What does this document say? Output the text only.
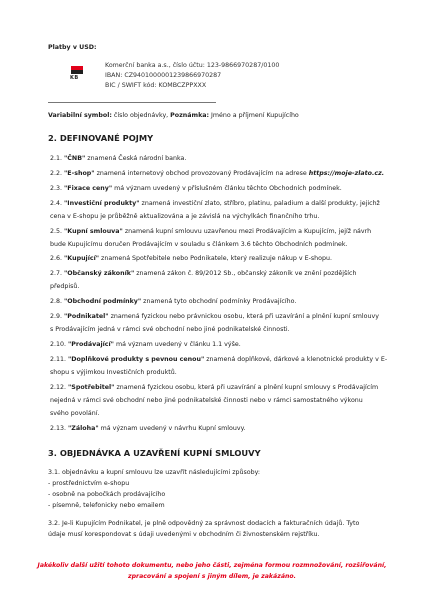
Platby v USD:
KB
Komerční banka a.s., číslo účtu: 123-9866970287/0100
IBAN: CZ9401000001239866970287
BIC / SWIFT kód: KOMBCZPPXXX
Variabilní symbol: číslo objednávky, Poznámka: Jméno a příjmení Kupujícího
2. DEFINOVANÉ POJMY
2.1. "ČNB" znamená Česká národní banka.
2.2. "E-shop" znamená internetový obchod provozovaný Prodávajícím na adrese https://moje-zlato.cz.
2.3. "Fixace ceny" má význam uvedený v příslušném článku těchto Obchodních podmínek.
2.4. "Investiční produkty" znamená investiční zlato, stříbro, platinu, paladium a další produkty, jejichž
cena v E-shopu je průběžně aktualizována a je závislá na výchylkách finančního trhu.
2.5. "Kupní smlouva" znamená kupní smlouvu uzavřenou mezi Prodávajícím a Kupujícím, jejíž návrh
bude Kupujícímu doručen Prodávajícím v souladu s článkem 3.6 těchto Obchodních podmínek.
2.6. "Kupující" znamená Spotřebitele nebo Podnikatele, který realizuje nákup v E-shopu.
2.7. "Občanský zákoník" znamená zákon č. 89/2012 Sb., občanský zákoník ve znění pozdějších
předpisů.
2.8. "Obchodní podmínky" znamená tyto obchodní podmínky Prodávajícího.
2.9. "Podnikatel" znamená fyzickou nebo právnickou osobu, která při uzavírání a plnění kupní smlouvy
s Prodávajícím jedná v rámci své obchodní nebo jiné podnikatelské činnosti.
2.10. "Prodávající" má význam uvedený v článku 1.1 výše.
2.11. "Doplňkové produkty s pevnou cenou" znamená doplňkové, dárkové a klenotnické produkty v E-
shopu s výjimkou Investičních produktů.
2.12. "Spotřebitel" znamená fyzickou osobu, která při uzavírání a plnění kupní smlouvy s Prodávajícím
nejedná v rámci své obchodní nebo jiné podnikatelské činnosti nebo v rámci samostatného výkonu
svého povolání.
2.13. "Záloha" má význam uvedený v návrhu Kupní smlouvy.
3. OBJEDNÁVKA A UZAVŘENÍ KUPNÍ SMLOUVY
3.1. objednávku a kupní smlouvu lze uzavřít následujícími způsoby:
- prostřednictvím e-shopu
- osobně na pobočkách prodávajícího
- písemně, telefonicky nebo emailem
3.2. Je-li Kupujícím Podnikatel, je plně odpovědný za správnost dodacích a fakturačních údajů. Tyto
údaje musí korespondovat s údaji uvedenými v obchodním či živnostenském rejstříku.
Jakékoliv další užití tohoto dokumentu, nebo jeho části, zejména formou rozmnožování, rozšiřování,
zpracování a spojení s jiným dílem, je zakázáno.
